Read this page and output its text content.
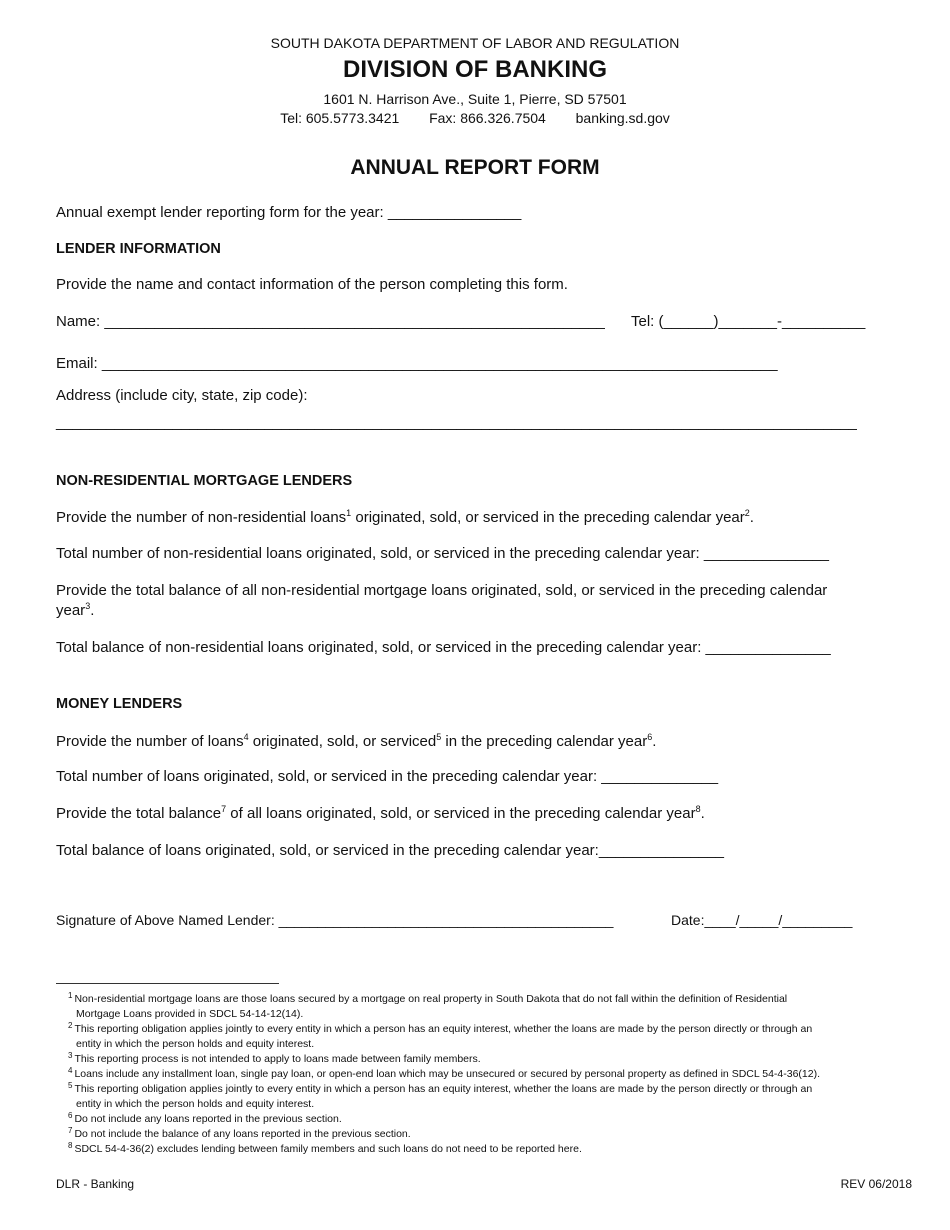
SOUTH DAKOTA DEPARTMENT OF LABOR AND REGULATION
DIVISION OF BANKING
1601 N. Harrison Ave., Suite 1, Pierre, SD 57501
Tel: 605.5773.3421 Fax: 866.326.7504 banking.sd.gov
ANNUAL REPORT FORM
Annual exempt lender reporting form for the year: ________________
LENDER INFORMATION
Provide the name and contact information of the person completing this form.
Name: ____________________________________________________________ Tel: (______)_______-__________
Email: _________________________________________________________________________________
Address (include city, state, zip code):
________________________________________________________________________________________________
NON-RESIDENTIAL MORTGAGE LENDERS
Provide the number of non-residential loans$^1$ originated, sold, or serviced in the preceding calendar year$^2$.
Total number of non-residential loans originated, sold, or serviced in the preceding calendar year: _______________
Provide the total balance of all non-residential mortgage loans originated, sold, or serviced in the preceding calendar
year$^3$.
Total balance of non-residential loans originated, sold, or serviced in the preceding calendar year: _______________
MONEY LENDERS
Provide the number of loans$^4$ originated, sold, or serviced$^5$ in the preceding calendar year$^6$.
Total number of loans originated, sold, or serviced in the preceding calendar year: ______________
Provide the total balance$^7$ of all loans originated, sold, or serviced in the preceding calendar year$^8$.
Total balance of loans originated, sold, or serviced in the preceding calendar year:_______________
Signature of Above Named Lender: ___________________________________________	Date:____/_____/_________
$^1$ Non-residential mortgage loans are those loans secured by a mortgage on real property in South Dakota that do not fall within the definition of Residential
Mortgage Loans provided in SDCL 54-14-12(14).
$^2$ This reporting obligation applies jointly to every entity in which a person has an equity interest, whether the loans are made by the person directly or through an
entity in which the person holds and equity interest.
$^3$ This reporting process is not intended to apply to loans made between family members.
$^4$ Loans include any installment loan, single pay loan, or open-end loan which may be unsecured or secured by personal property as defined in SDCL 54-4-36(12).
$^5$ This reporting obligation applies jointly to every entity in which a person has an equity interest, whether the loans are made by the person directly or through an
entity in which the person holds and equity interest.
$^6$ Do not include any loans reported in the previous section.
$^7$ Do not include the balance of any loans reported in the previous section.
$^8$ SDCL 54-4-36(2) excludes lending between family members and such loans do not need to be reported here.
DLR - Banking	REV 06/2018
